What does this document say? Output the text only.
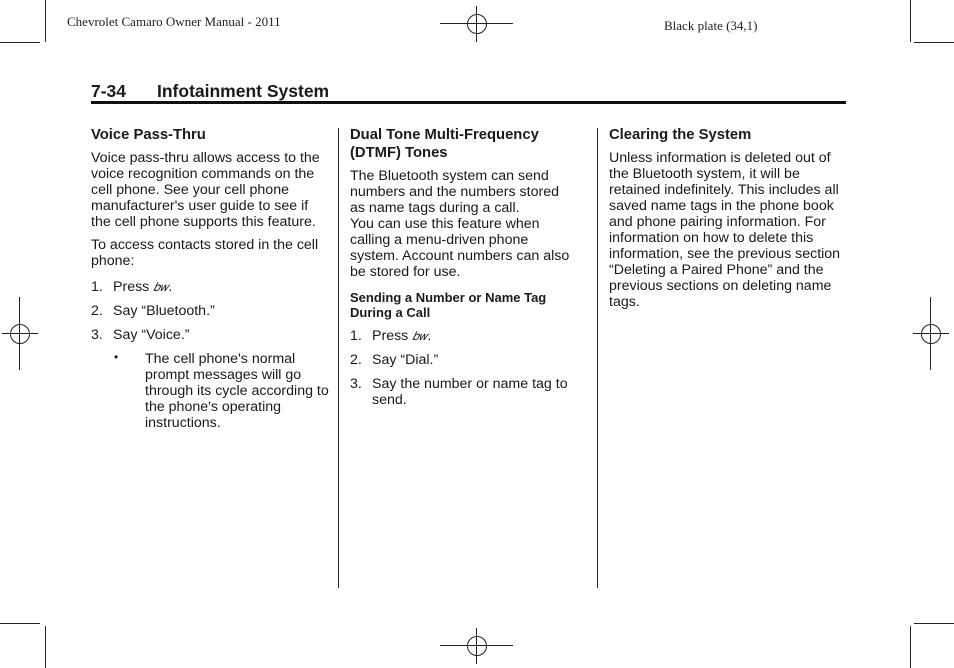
Chevrolet Camaro Owner Manual - 2011	Black plate (34,1)
7-34 Infotainment System
Voice Pass-Thru

Voice pass-thru allows access to the voice recognition commands on the cell phone. See your cell phone manufacturer's user guide to see if the cell phone supports this feature.

To access contacts stored in the cell phone:

1. Press 𝑏𝑤.
2. Say “Bluetooth.”
3. Say “Voice.”
• The cell phone's normal prompt messages will go through its cycle according to the phone's operating instructions.
Dual Tone Multi-Frequency (DTMF) Tones

The Bluetooth system can send numbers and the numbers stored as name tags during a call.

You can use this feature when calling a menu-driven phone system. Account numbers can also be stored for use.

Sending a Number or Name Tag During a Call
1. Press 𝑏𝑤.
2. Say “Dial.”
3. Say the number or name tag to send.
Clearing the System

Unless information is deleted out of the Bluetooth system, it will be retained indefinitely. This includes all saved name tags in the phone book and phone pairing information. For information on how to delete this information, see the previous section “Deleting a Paired Phone” and the previous sections on deleting name tags.
